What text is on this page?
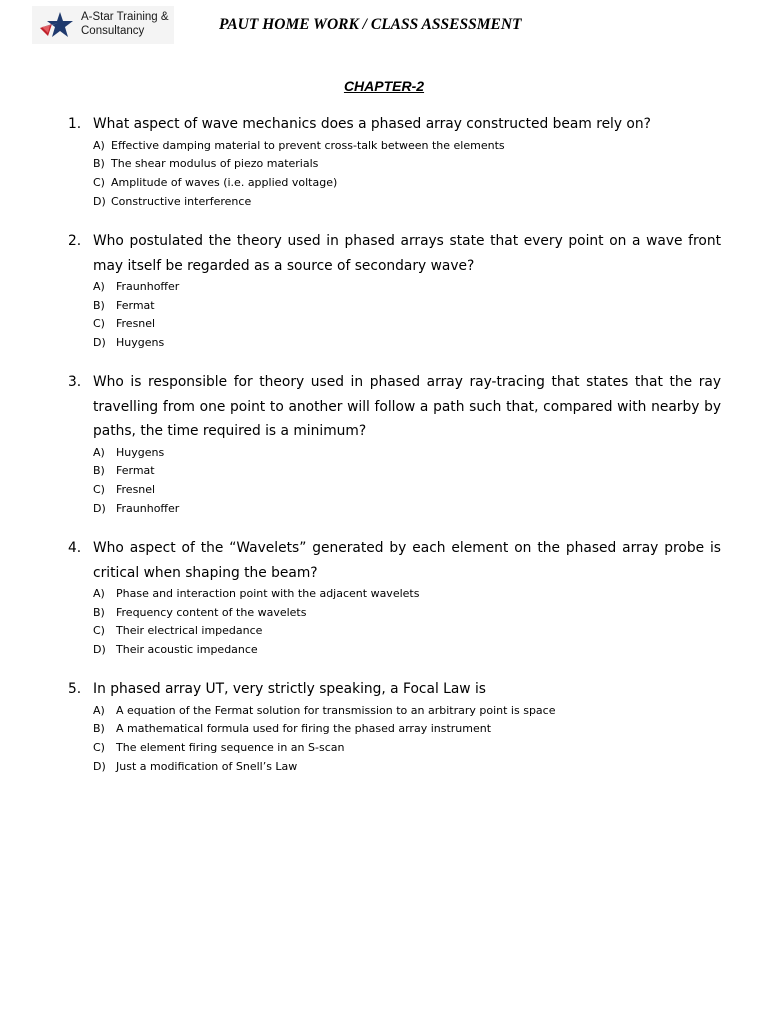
A-Star Training &
Consultancy	PAUT HOME WORK / CLASS ASSESSMENT
CHAPTER-2
1. What aspect of wave mechanics does a phased array constructed beam rely on?
A) Effective damping material to prevent cross-talk between the elements
B) The shear modulus of piezo materials
C) Amplitude of waves (i.e. applied voltage)
D) Constructive interference
2. Who postulated the theory used in phased arrays state that every point on a wave front may itself be regarded as a source of secondary wave?
A) Fraunhoffer
B) Fermat
C) Fresnel
D) Huygens
3. Who is responsible for theory used in phased array ray-tracing that states that the ray travelling from one point to another will follow a path such that, compared with nearby by paths, the time required is a minimum?
A) Huygens
B) Fermat
C) Fresnel
D) Fraunhoffer
4. Who aspect of the “Wavelets” generated by each element on the phased array probe is critical when shaping the beam?
A) Phase and interaction point with the adjacent wavelets
B) Frequency content of the wavelets
C) Their electrical impedance
D) Their acoustic impedance
5. In phased array UT, very strictly speaking, a Focal Law is
A) A equation of the Fermat solution for transmission to an arbitrary point is space
B) A mathematical formula used for firing the phased array instrument
C) The element firing sequence in an S-scan
D) Just a modification of Snell’s Law
